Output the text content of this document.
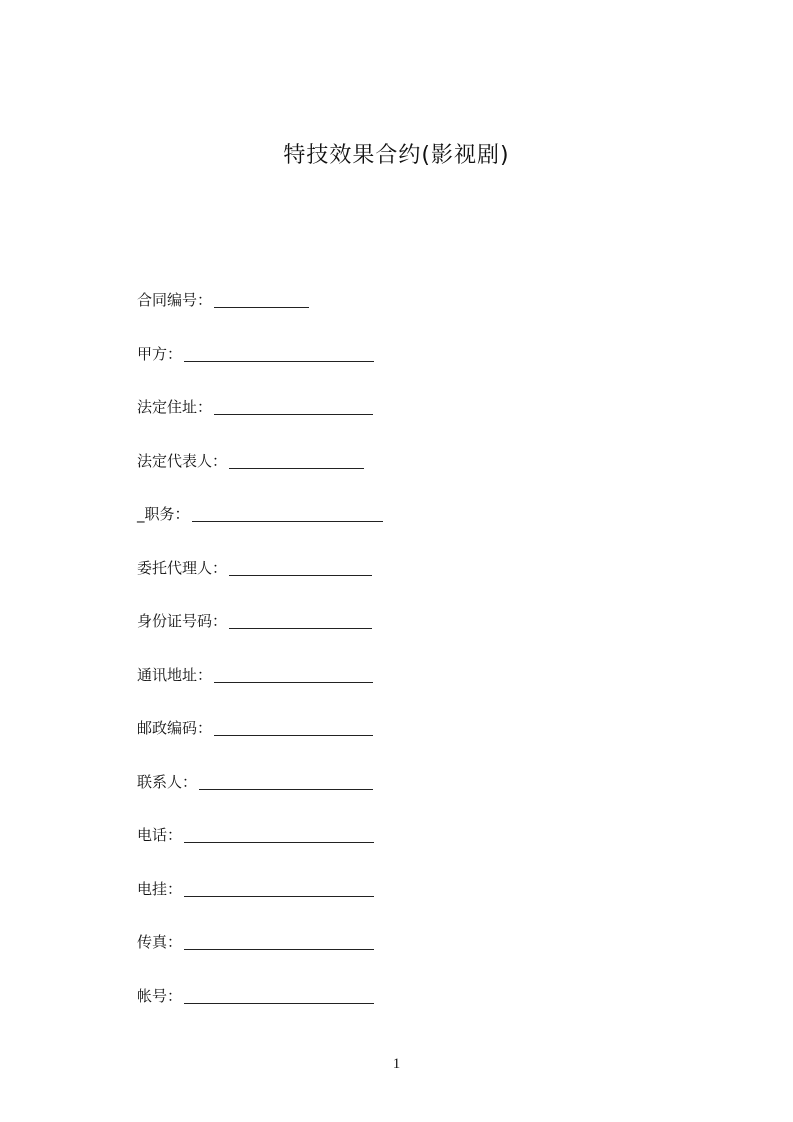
特技效果合约(影视剧)
合同编号：
甲方：
法定住址：
法定代表人：
_职务：
委托代理人：
身份证号码：
通讯地址：
邮政编码：
联系人：
电话：
电挂：
传真：
帐号：
1
